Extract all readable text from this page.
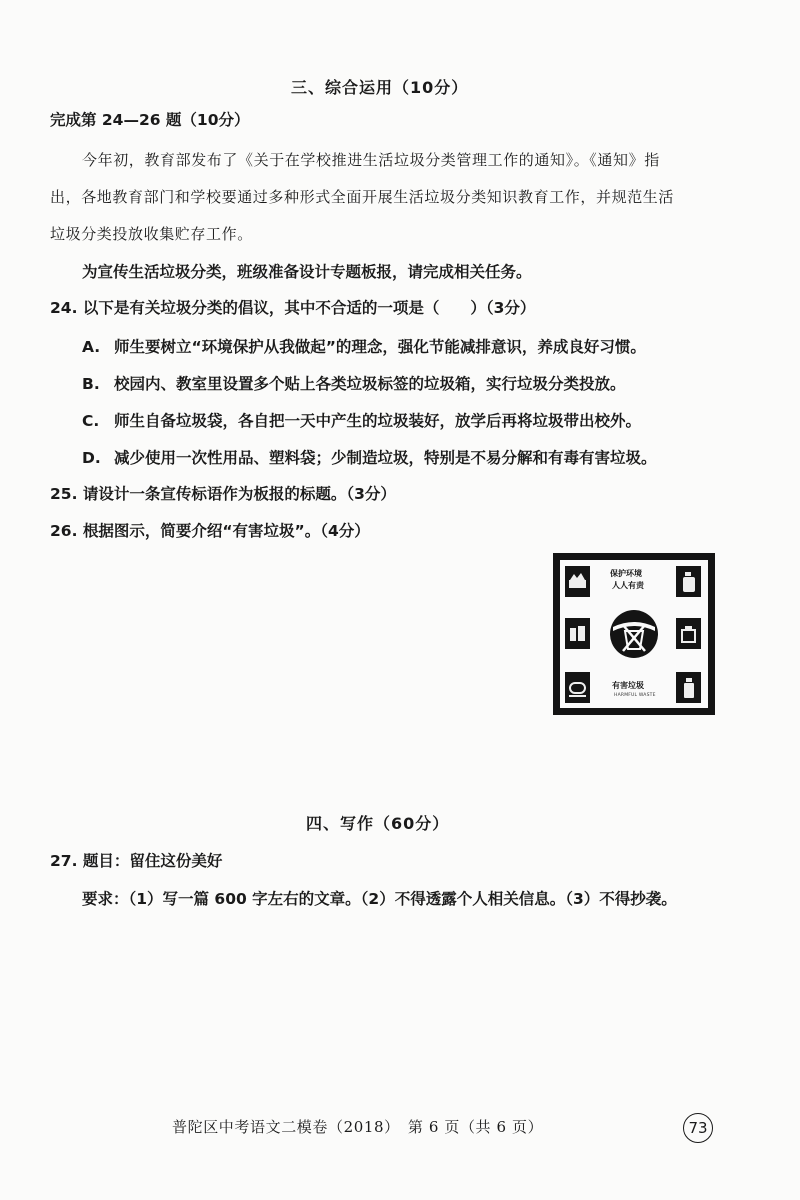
三、综合运用（10分）
完成第 24—26 题（10分）
今年初，教育部发布了《关于在学校推进生活垃圾分类管理工作的通知》。《通知》指
出，各地教育部门和学校要通过多种形式全面开展生活垃圾分类知识教育工作，并规范生活
垃圾分类投放收集贮存工作。
为宣传生活垃圾分类，班级准备设计专题板报，请完成相关任务。
24. 以下是有关垃圾分类的倡议，其中不合适的一项是（　　）（3分）
A. 师生要树立“环境保护从我做起”的理念，强化节能减排意识，养成良好习惯。
B. 校园内、教室里设置多个贴上各类垃圾标签的垃圾箱，实行垃圾分类投放。
C. 师生自备垃圾袋，各自把一天中产生的垃圾装好，放学后再将垃圾带出校外。
D. 减少使用一次性用品、塑料袋；少制造垃圾，特别是不易分解和有毒有害垃圾。
25. 请设计一条宣传标语作为板报的标题。（3分）
26. 根据图示，简要介绍“有害垃圾”。（4分）
保护环境
人人有责
有害垃圾
HARMFUL WASTE
四、写作（60分）
27. 题目：留住这份美好
要求：（1）写一篇 600 字左右的文章。（2）不得透露个人相关信息。（3）不得抄袭。
普陀区中考语文二模卷（2018）　第 6 页（共 6 页）	73
